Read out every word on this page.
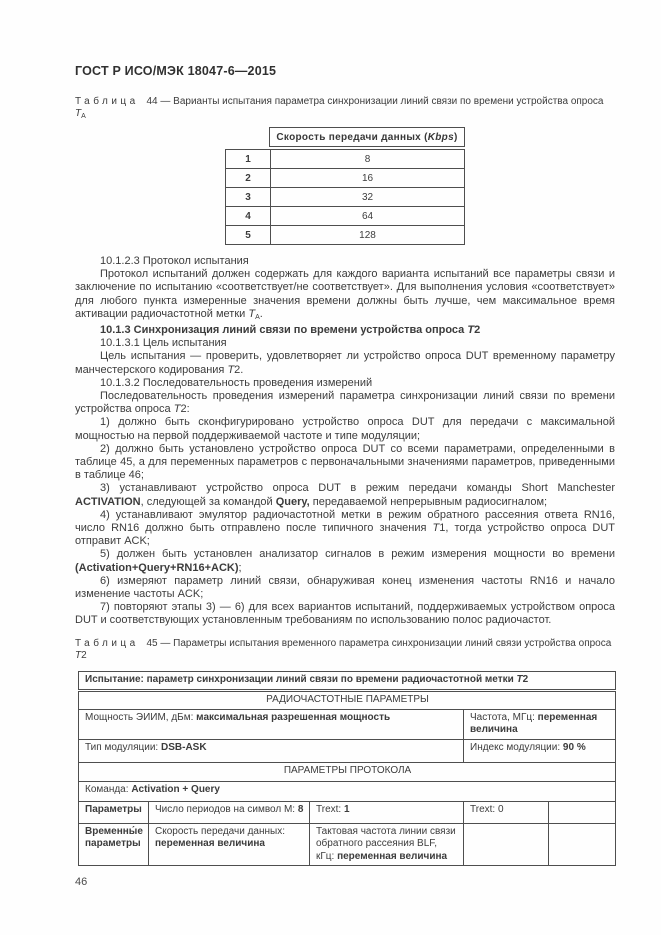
ГОСТ Р ИСО/МЭК 18047-6—2015
Таблица 44 — Варианты испытания параметра синхронизации линий связи по времени устройства опроса $Т_A$
Скорость передачи данных (Kbps)
1	8
2	16
3	32
4	64
5	128
10.1.2.3 Протокол испытания
Протокол испытаний должен содержать для каждого варианта испытаний все параметры связи и заключение по испытанию «соответствует/не соответствует». Для выполнения условия «соответствует» для любого пункта измеренные значения времени должны быть лучше, чем максимальное время активации радиочастотной метки $Т_A$.
10.1.3 Синхронизация линий связи по времени устройства опроса Т2
10.1.3.1 Цель испытания
Цель испытания — проверить, удовлетворяет ли устройство опроса DUT временному параметру манчестерского кодирования Т2.
10.1.3.2 Последовательность проведения измерений
Последовательность проведения измерений параметра синхронизации линий связи по времени устройства опроса Т2:
1) должно быть сконфигурировано устройство опроса DUT для передачи с максимальной мощностью на первой поддерживаемой частоте и типе модуляции;
2) должно быть установлено устройство опроса DUT со всеми параметрами, определенными в таблице 45, а для переменных параметров с первоначальными значениями параметров, приведенными в таблице 46;
3) устанавливают устройство опроса DUT в режим передачи команды Short Manchester ACTIVATION, следующей за командой Query, передаваемой непрерывным радиосигналом;
4) устанавливают эмулятор радиочастотной метки в режим обратного рассеяния ответа RN16, число RN16 должно быть отправлено после типичного значения Т1, тогда устройство опроса DUT отправит ACK;
5) должен быть установлен анализатор сигналов в режим измерения мощности во времени (Activation+Query+RN16+ACK);
6) измеряют параметр линий связи, обнаруживая конец изменения частоты RN16 и начало изменение частоты ACK;
7) повторяют этапы 3) — 6) для всех вариантов испытаний, поддерживаемых устройством опроса DUT и соответствующих установленным требованиям по использованию полос радиочастот.
Таблица 45 — Параметры испытания временного параметра синхронизации линий связи устройства опроса Т2
Испытание: параметр синхронизации линий связи по времени радиочастотной метки Т2				
РАДИОЧАСТОТНЫЕ ПАРАМЕТРЫ				
Мощность ЭИИМ, дБм: максимальная разрешенная мощность			Частота, МГц: переменная величина	
Тип модуляции: DSB-ASK			Индекс модуляции: 90 %	
ПАРАМЕТРЫ ПРОТОКОЛА				
Команда: Activation + Query				
Параметры	Число периодов на символ М: 8	Trext: 1	Trext: 0	
Временны́е параметры	Скорость передачи данных: переменная величина	Тактовая частота линии связи обратного рассеяния BLF, кГц: переменная величина		
46
